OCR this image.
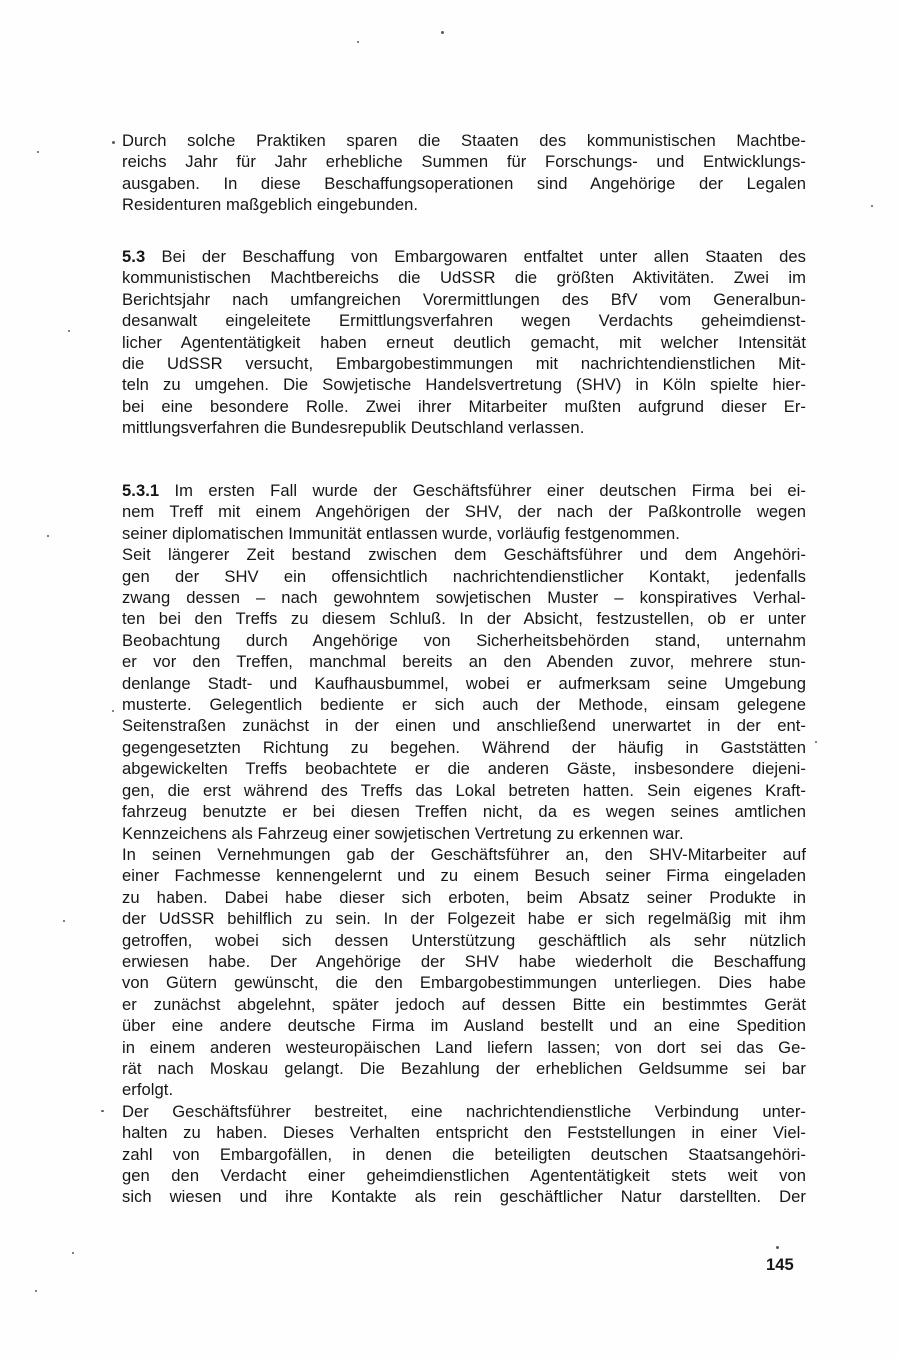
Durch solche Praktiken sparen die Staaten des kommunistischen Machtbe-
reichs Jahr für Jahr erhebliche Summen für Forschungs- und Entwicklungs-
ausgaben. In diese Beschaffungsoperationen sind Angehörige der Legalen
Residenturen maßgeblich eingebunden.
5.3 Bei der Beschaffung von Embargowaren entfaltet unter allen Staaten des
kommunistischen Machtbereichs die UdSSR die größten Aktivitäten. Zwei im
Berichtsjahr nach umfangreichen Vorermittlungen des BfV vom Generalbun-
desanwalt eingeleitete Ermittlungsverfahren wegen Verdachts geheimdienst-
licher Agententätigkeit haben erneut deutlich gemacht, mit welcher Intensität
die UdSSR versucht, Embargobestimmungen mit nachrichtendienstlichen Mit-
teln zu umgehen. Die Sowjetische Handelsvertretung (SHV) in Köln spielte hier-
bei eine besondere Rolle. Zwei ihrer Mitarbeiter mußten aufgrund dieser Er-
mittlungsverfahren die Bundesrepublik Deutschland verlassen.
5.3.1 Im ersten Fall wurde der Geschäftsführer einer deutschen Firma bei ei-
nem Treff mit einem Angehörigen der SHV, der nach der Paßkontrolle wegen
seiner diplomatischen Immunität entlassen wurde, vorläufig festgenommen.
Seit längerer Zeit bestand zwischen dem Geschäftsführer und dem Angehöri-
gen der SHV ein offensichtlich nachrichtendienstlicher Kontakt, jedenfalls
zwang dessen – nach gewohntem sowjetischen Muster – konspiratives Verhal-
ten bei den Treffs zu diesem Schluß. In der Absicht, festzustellen, ob er unter
Beobachtung durch Angehörige von Sicherheitsbehörden stand, unternahm
er vor den Treffen, manchmal bereits an den Abenden zuvor, mehrere stun-
denlange Stadt- und Kaufhausbummel, wobei er aufmerksam seine Umgebung
musterte. Gelegentlich bediente er sich auch der Methode, einsam gelegene
Seitenstraßen zunächst in der einen und anschließend unerwartet in der ent-
gegengesetzten Richtung zu begehen. Während der häufig in Gaststätten
abgewickelten Treffs beobachtete er die anderen Gäste, insbesondere diejeni-
gen, die erst während des Treffs das Lokal betreten hatten. Sein eigenes Kraft-
fahrzeug benutzte er bei diesen Treffen nicht, da es wegen seines amtlichen
Kennzeichens als Fahrzeug einer sowjetischen Vertretung zu erkennen war.
In seinen Vernehmungen gab der Geschäftsführer an, den SHV-Mitarbeiter auf
einer Fachmesse kennengelernt und zu einem Besuch seiner Firma eingeladen
zu haben. Dabei habe dieser sich erboten, beim Absatz seiner Produkte in
der UdSSR behilflich zu sein. In der Folgezeit habe er sich regelmäßig mit ihm
getroffen, wobei sich dessen Unterstützung geschäftlich als sehr nützlich
erwiesen habe. Der Angehörige der SHV habe wiederholt die Beschaffung
von Gütern gewünscht, die den Embargobestimmungen unterliegen. Dies habe
er zunächst abgelehnt, später jedoch auf dessen Bitte ein bestimmtes Gerät
über eine andere deutsche Firma im Ausland bestellt und an eine Spedition
in einem anderen westeuropäischen Land liefern lassen; von dort sei das Ge-
rät nach Moskau gelangt. Die Bezahlung der erheblichen Geldsumme sei bar
erfolgt.
Der Geschäftsführer bestreitet, eine nachrichtendienstliche Verbindung unter-
halten zu haben. Dieses Verhalten entspricht den Feststellungen in einer Viel-
zahl von Embargofällen, in denen die beteiligten deutschen Staatsangehöri-
gen den Verdacht einer geheimdienstlichen Agententätigkeit stets weit von
sich wiesen und ihre Kontakte als rein geschäftlicher Natur darstellten. Der
145
